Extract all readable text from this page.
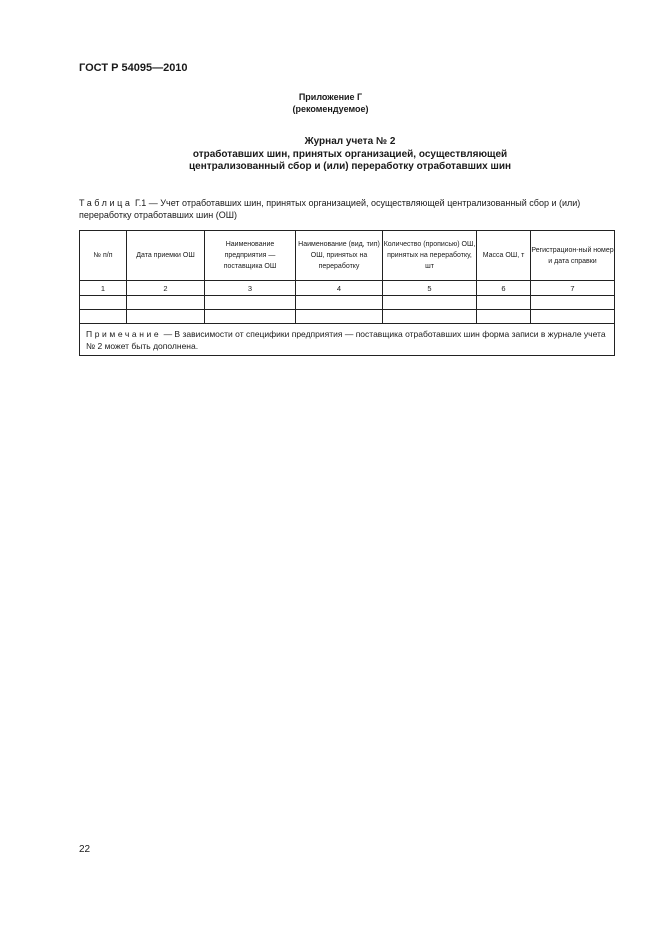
ГОСТ Р 54095—2010
Приложение Г
(рекомендуемое)
Журнал учета № 2
отработавших шин, принятых организацией, осуществляющей
централизованный сбор и (или) переработку отработавших шин
Таблица Г.1 — Учет отработавших шин, принятых организацией, осуществляющей централизованный сбор и (или) переработку отработавших шин (ОШ)
№ п/п	Дата приемки ОШ	Наименование предприятия — поставщика ОШ	Наименование (вид, тип) ОШ, принятых на переработку	Количество (прописью) ОШ, принятых на переработку, шт	Масса ОШ, т	Регистрацион-ный номер и дата справки
1	2	3	4	5	6	7

Примечание — В зависимости от специфики предприятия — поставщика отработавших шин форма записи в журнале учета № 2 может быть дополнена.						
22
